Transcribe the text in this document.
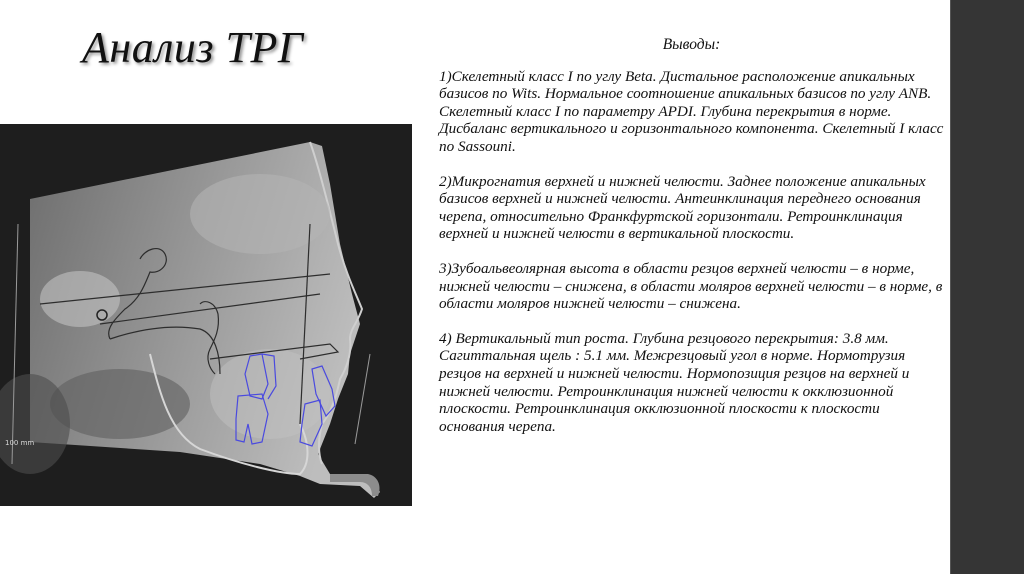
Анализ ТРГ
100 mm
Выводы:

1)Скелетный класс I по углу Beta. Дистальное расположение апикальных базисов по Wits. Нормальное соотношение апикальных базисов по углу ANB. Скелетный класс I по параметру APDI. Глубина перекрытия в норме. Дисбаланс вертикального и горизонтального компонента. Скелетный I класс по Sassouni.

2)Микрогнатия верхней и нижней челюсти. Заднее положение апикальных базисов верхней и нижней челюсти. Антеинклинация переднего основания черепа, относительно Франкфуртской горизонтали. Ретроинклинация верхней и нижней челюсти в вертикальной плоскости.

3)Зубоальвеолярная высота в области резцов верхней челюсти – в норме, нижней челюсти – снижена, в области моляров верхней челюсти – в норме, в области моляров нижней челюсти – снижена.

4) Вертикальный тип роста. Глубина резцового перекрытия: 3.8 мм. Сагиттальная щель : 5.1 мм. Межрезцовый угол в норме. Нормотрузия резцов на верхней и нижней челюсти. Нормопозиция резцов на верхней и нижней челюсти. Ретроинклинация нижней челюсти к окклюзионной плоскости. Ретроинклинация окклюзионной плоскости к плоскости основания черепа.
